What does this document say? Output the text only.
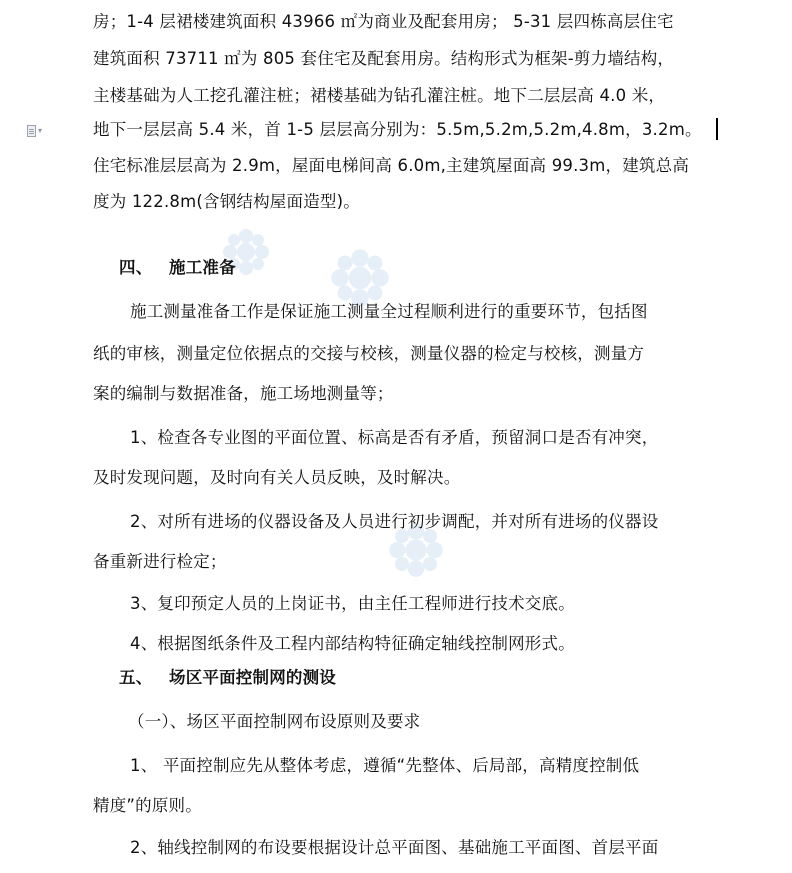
▾
房；1-4 层裙楼建筑面积 43966 ㎡为商业及配套用房； 5-31 层四栋高层住宅
建筑面积 73711 ㎡为 805 套住宅及配套用房。结构形式为框架-剪力墙结构，
主楼基础为人工挖孔灌注桩；裙楼基础为钻孔灌注桩。地下二层层高 4.0 米，
地下一层层高 5.4 米，首 1-5 层层高分别为：5.5m,5.2m,5.2m,4.8m，3.2m。
住宅标准层层高为 2.9m，屋面电梯间高 6.0m,主建筑屋面高 99.3m，建筑总高
度为 122.8m(含钢结构屋面造型)。
四、 施工准备
施工测量准备工作是保证施工测量全过程顺利进行的重要环节，包括图
纸的审核，测量定位依据点的交接与校核，测量仪器的检定与校核，测量方
案的编制与数据准备，施工场地测量等；
1、检查各专业图的平面位置、标高是否有矛盾，预留洞口是否有冲突，
及时发现问题，及时向有关人员反映，及时解决。
2、对所有进场的仪器设备及人员进行初步调配，并对所有进场的仪器设
备重新进行检定；
3、复印预定人员的上岗证书，由主任工程师进行技术交底。
4、根据图纸条件及工程内部结构特征确定轴线控制网形式。
五、 场区平面控制网的测设
（一）、场区平面控制网布设原则及要求
1、 平面控制应先从整体考虑，遵循“先整体、后局部，高精度控制低
精度”的原则。
2、轴线控制网的布设要根据设计总平面图、基础施工平面图、首层平面
